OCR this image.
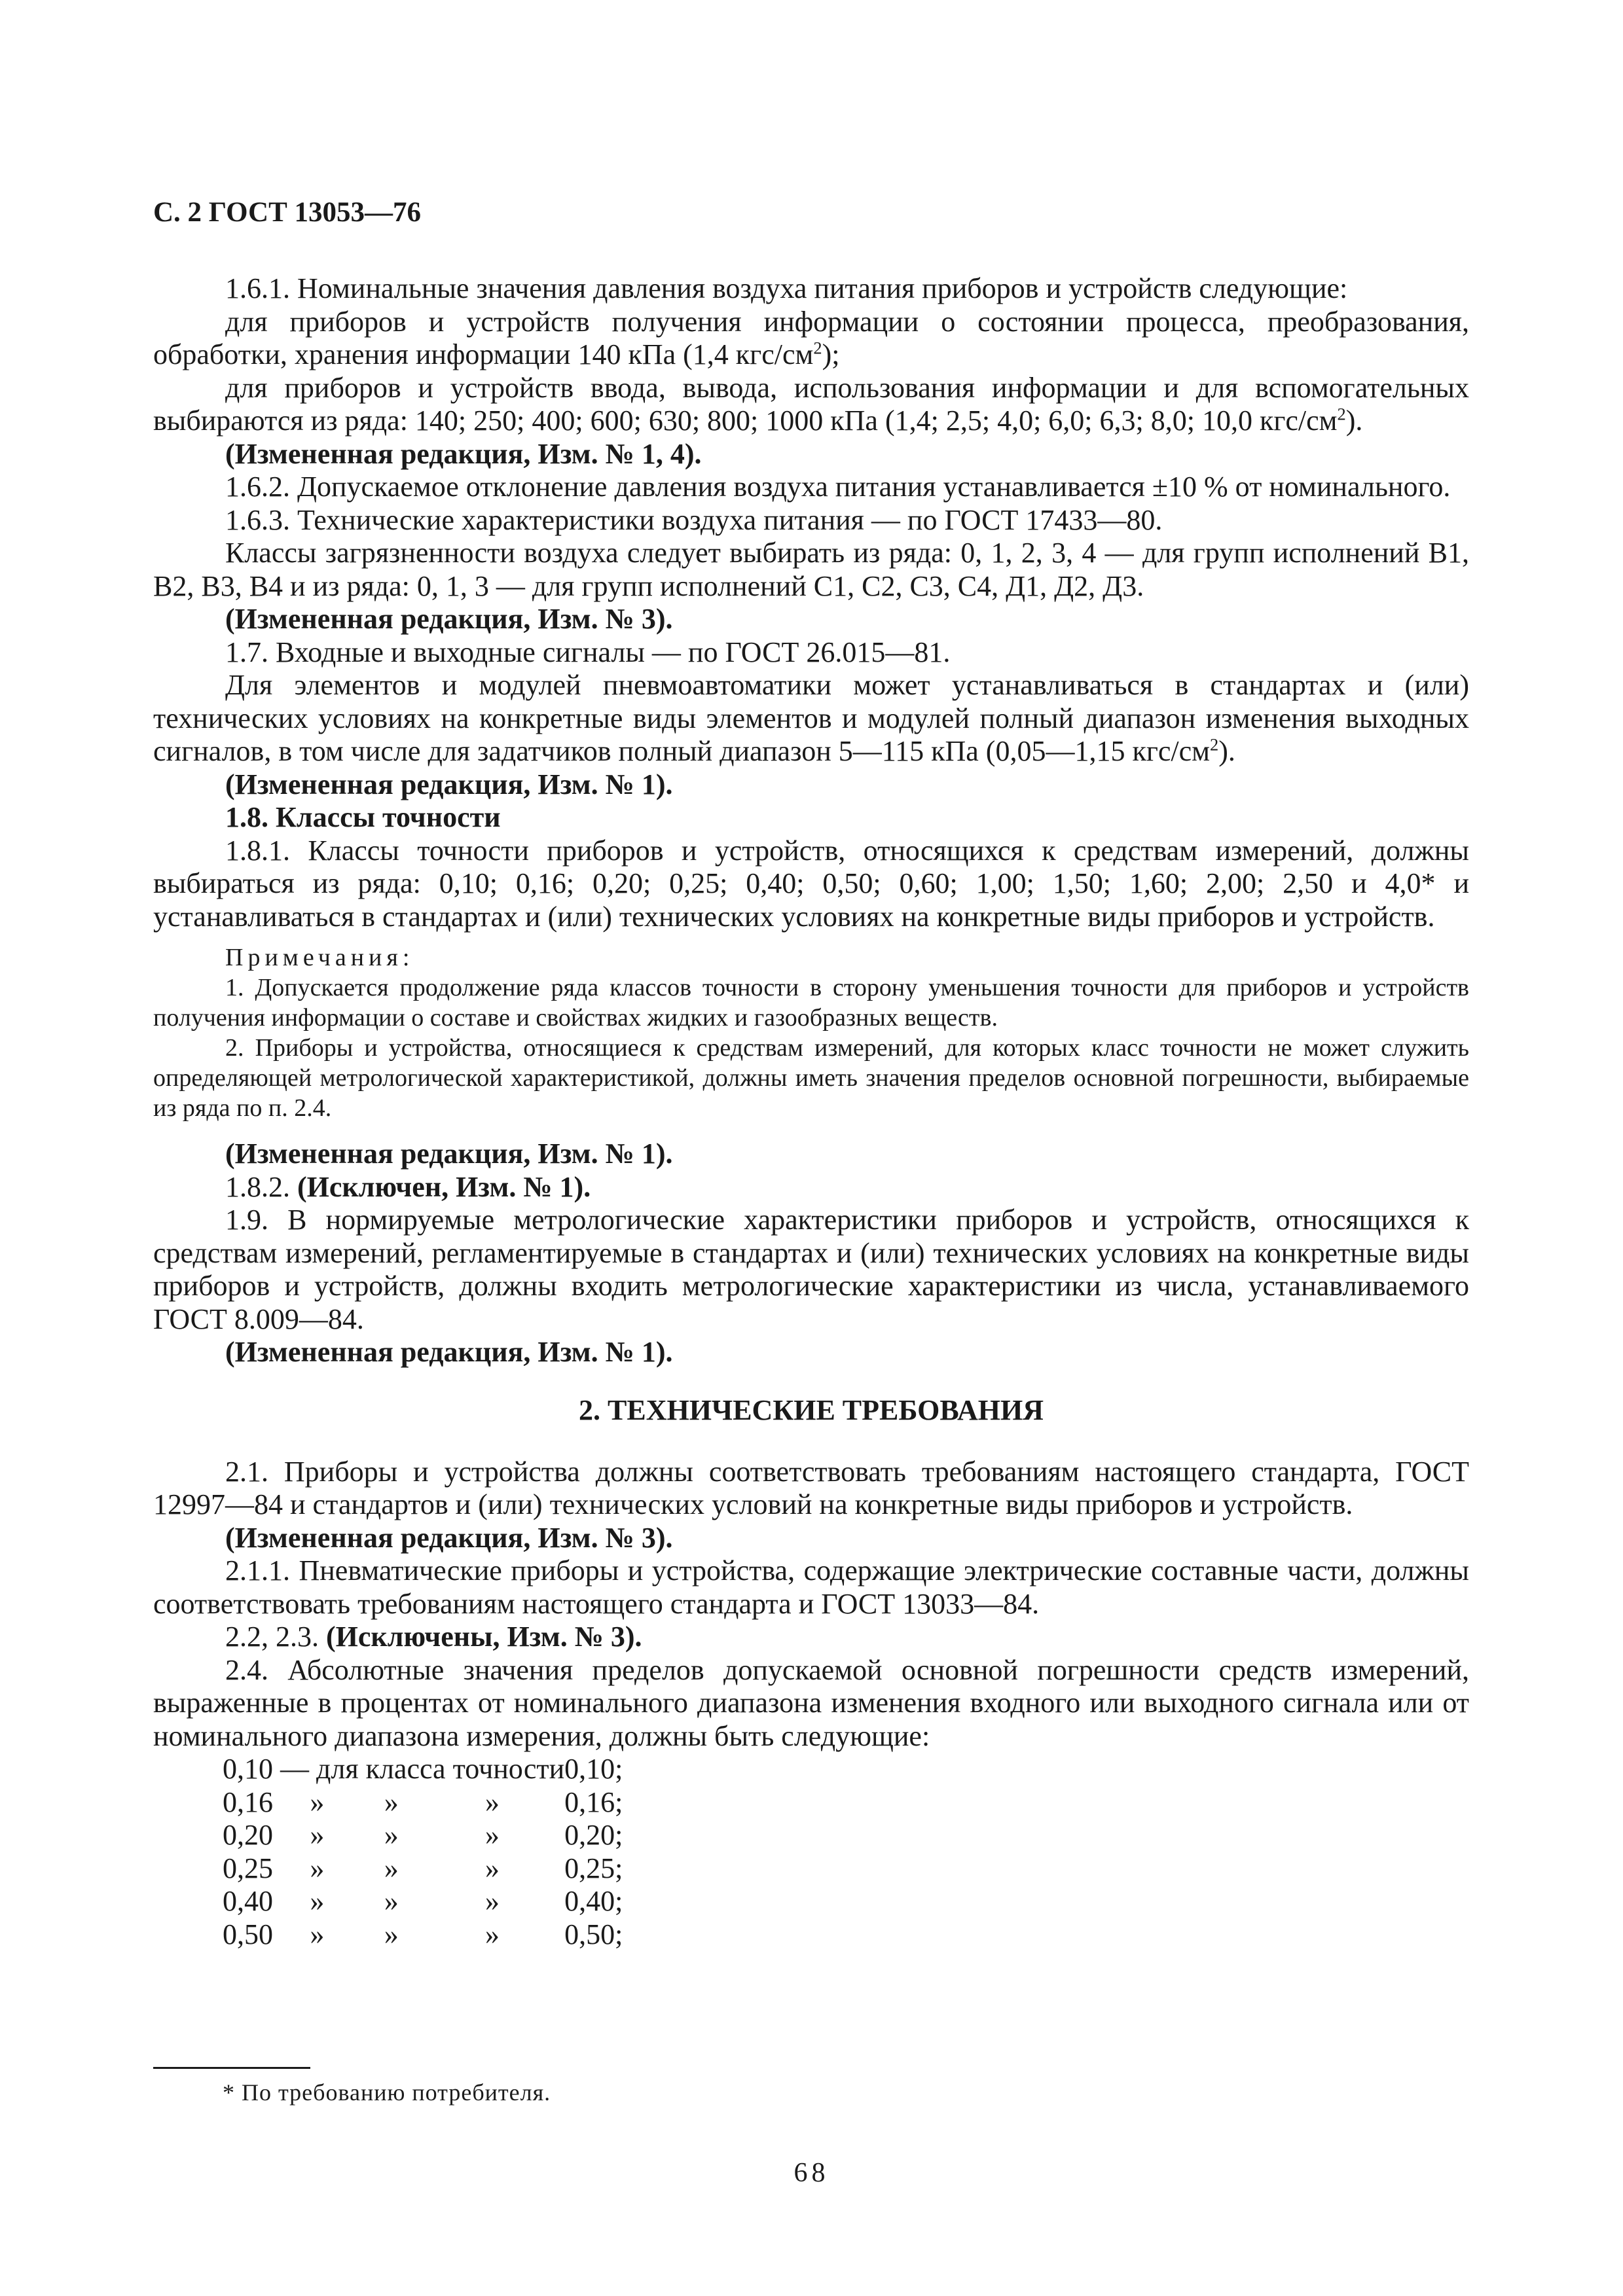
С. 2 ГОСТ 13053—76

1.6.1. Номинальные значения давления воздуха питания приборов и устройств следующие:

для приборов и устройств получения информации о состоянии процесса, преобразования, обработки, хранения информации 140 кПа (1,4 кгс/$см^2$);

для приборов и устройств ввода, вывода, использования информации и для вспомогательных выбираются из ряда: 140; 250; 400; 600; 630; 800; 1000 кПа (1,4; 2,5; 4,0; 6,0; 6,3; 8,0; 10,0 кгс/$см^2$).

(Измененная редакция, Изм. № 1, 4).

1.6.2. Допускаемое отклонение давления воздуха питания устанавливается ±10 % от номинального.

1.6.3. Технические характеристики воздуха питания — по ГОСТ 17433—80.

Классы загрязненности воздуха следует выбирать из ряда: 0, 1, 2, 3, 4 — для групп исполнений В1, В2, В3, В4 и из ряда: 0, 1, 3 — для групп исполнений С1, С2, С3, С4, Д1, Д2, Д3.

(Измененная редакция, Изм. № 3).

1.7. Входные и выходные сигналы — по ГОСТ 26.015—81.

Для элементов и модулей пневмоавтоматики может устанавливаться в стандартах и (или) технических условиях на конкретные виды элементов и модулей полный диапазон изменения выходных сигналов, в том числе для задатчиков полный диапазон 5—115 кПа (0,05—1,15 кгс/$см^2$).

(Измененная редакция, Изм. № 1).

1.8. Классы точности

1.8.1. Классы точности приборов и устройств, относящихся к средствам измерений, должны выбираться из ряда: 0,10; 0,16; 0,20; 0,25; 0,40; 0,50; 0,60; 1,00; 1,50; 1,60; 2,00; 2,50 и 4,0* и устанавливаться в стандартах и (или) технических условиях на конкретные виды приборов и устройств.

Примечания:

1. Допускается продолжение ряда классов точности в сторону уменьшения точности для приборов и устройств получения информации о составе и свойствах жидких и газообразных веществ.

2. Приборы и устройства, относящиеся к средствам измерений, для которых класс точности не может служить определяющей метрологической характеристикой, должны иметь значения пределов основной погрешности, выбираемые из ряда по п. 2.4.

(Измененная редакция, Изм. № 1).

1.8.2. (Исключен, Изм. № 1).

1.9. В нормируемые метрологические характеристики приборов и устройств, относящихся к средствам измерений, регламентируемые в стандартах и (или) технических условиях на конкретные виды приборов и устройств, должны входить метрологические характеристики из числа, устанавливаемого ГОСТ 8.009—84.

(Измененная редакция, Изм. № 1).

2. ТЕХНИЧЕСКИЕ ТРЕБОВАНИЯ

2.1. Приборы и устройства должны соответствовать требованиям настоящего стандарта, ГОСТ 12997—84 и стандартов и (или) технических условий на конкретные виды приборов и устройств.

(Измененная редакция, Изм. № 3).

2.1.1. Пневматические приборы и устройства, содержащие электрические составные части, должны соответствовать требованиям настоящего стандарта и ГОСТ 13033—84.

2.2, 2.3. (Исключены, Изм. № 3).

2.4. Абсолютные значения пределов допускаемой основной погрешности средств измерений, выраженные в процентах от номинального диапазона изменения входного или выходного сигнала или от номинального диапазона измерения, должны быть следующие:

0,10 — для класса точности				0,10;
0,16	»	»	»	0,16;
0,20	»	»	»	0,20;
0,25	»	»	»	0,25;
0,40	»	»	»	0,40;
0,50	»	»	»	0,50;
* По требованию потребителя.
68
